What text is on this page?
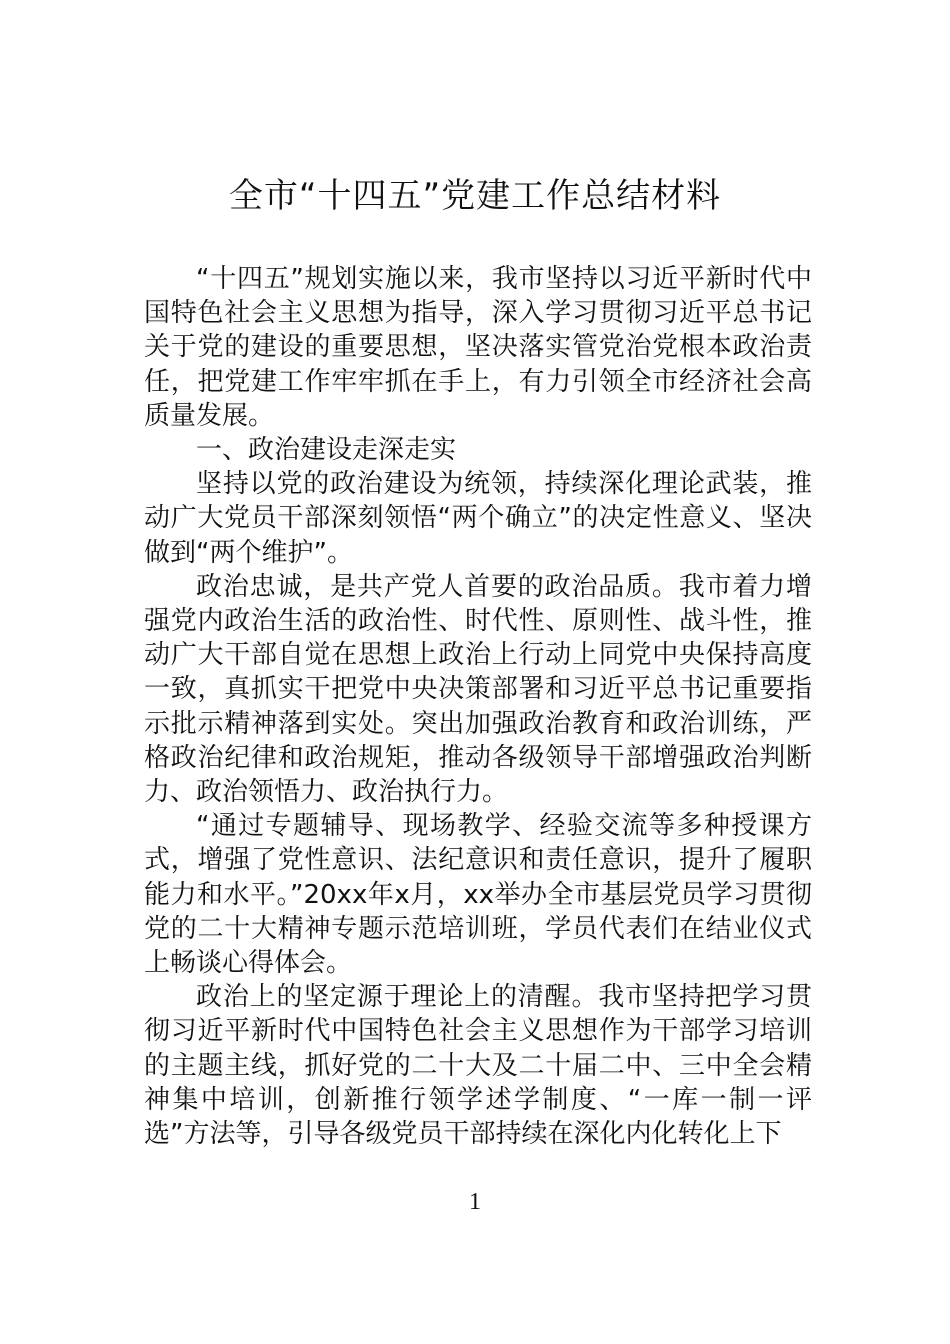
全市“十四五”党建工作总结材料

“十四五”规划实施以来，我市坚持以习近平新时代中国特色社会主义思想为指导，深入学习贯彻习近平总书记关于党的建设的重要思想，坚决落实管党治党根本政治责任，把党建工作牢牢抓在手上，有力引领全市经济社会高质量发展。

一、政治建设走深走实

坚持以党的政治建设为统领，持续深化理论武装，推动广大党员干部深刻领悟“两个确立”的决定性意义、坚决做到“两个维护”。

政治忠诚，是共产党人首要的政治品质。我市着力增强党内政治生活的政治性、时代性、原则性、战斗性，推动广大干部自觉在思想上政治上行动上同党中央保持高度一致，真抓实干把党中央决策部署和习近平总书记重要指示批示精神落到实处。突出加强政治教育和政治训练，严格政治纪律和政治规矩，推动各级领导干部增强政治判断力、政治领悟力、政治执行力。

“通过专题辅导、现场教学、经验交流等多种授课方式，增强了党性意识、法纪意识和责任意识，提升了履职能力和水平。”20xx年x月，xx举办全市基层党员学习贯彻党的二十大精神专题示范培训班，学员代表们在结业仪式上畅谈心得体会。

政治上的坚定源于理论上的清醒。我市坚持把学习贯彻习近平新时代中国特色社会主义思想作为干部学习培训的主题主线，抓好党的二十大及二十届二中、三中全会精神集中培训，创新推行领学述学制度、“一库一制一评选”方法等，引导各级党员干部持续在深化内化转化上下

1
